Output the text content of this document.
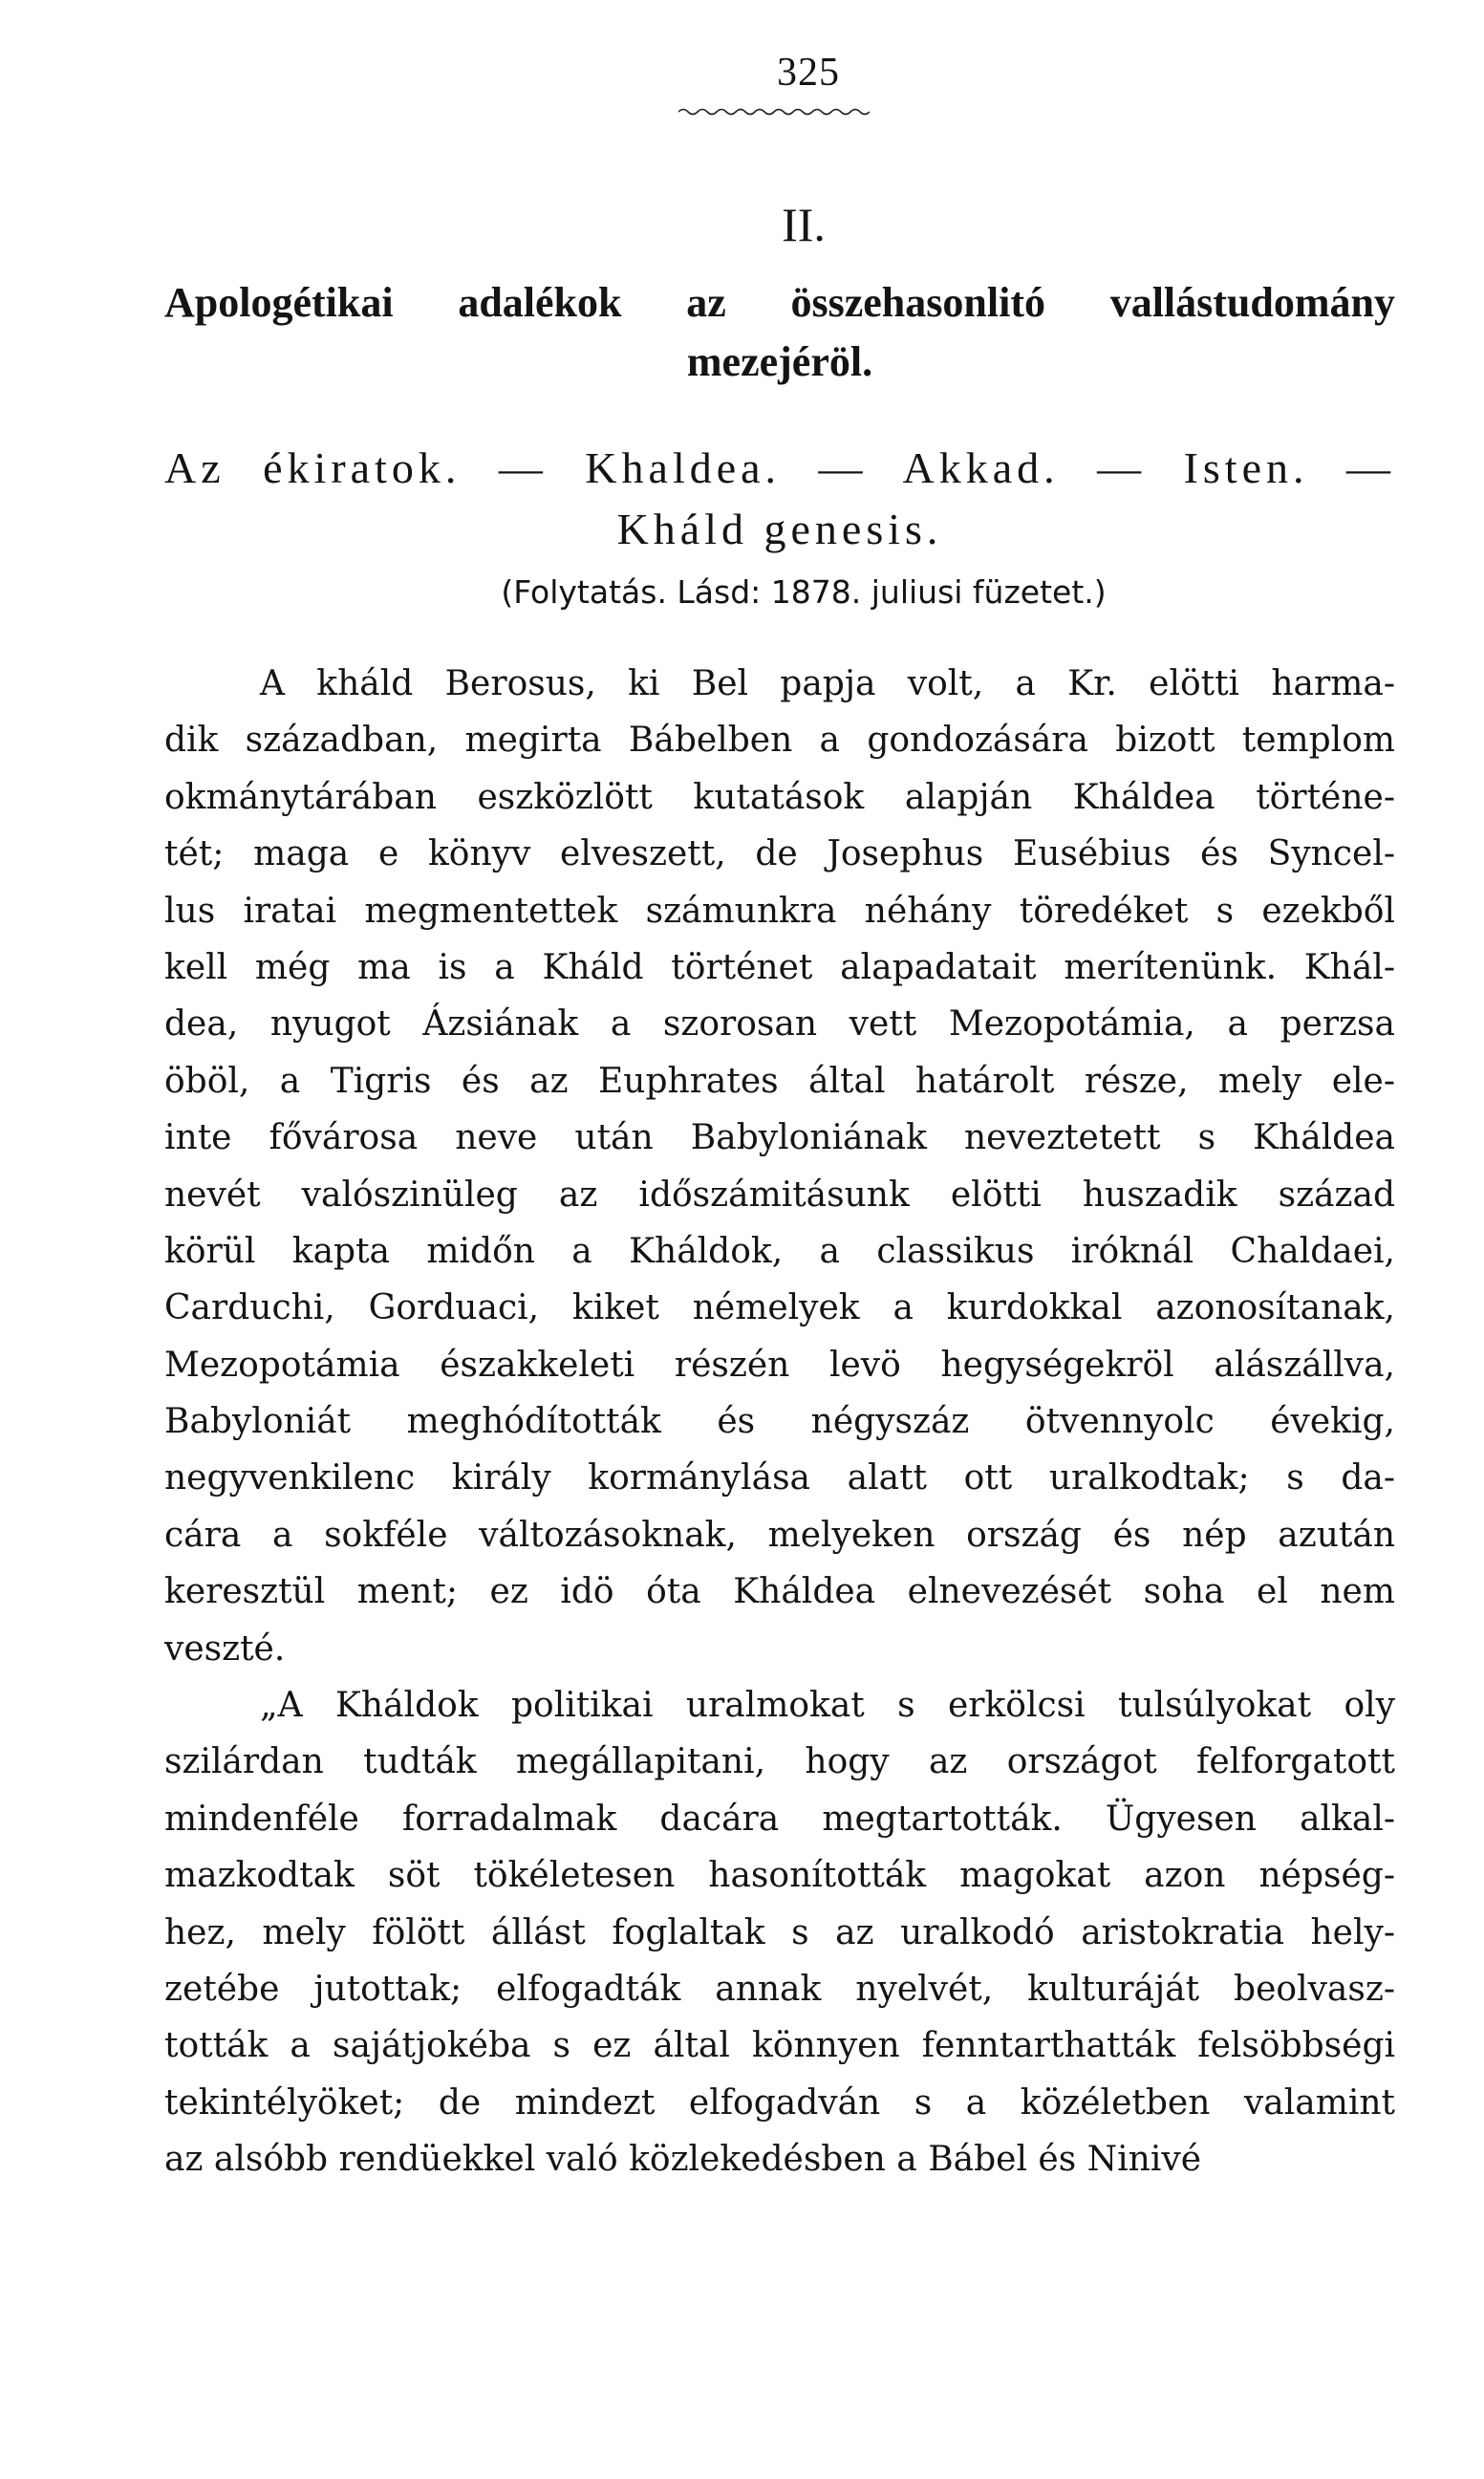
325
II.
Apologétikai adalékok az összehasonlitó vallástudomány
mezejéröl.
Az ékiratok. — Khaldea. — Akkad. — Isten. —
Kháld genesis.
(Folytatás. Lásd: 1878. juliusi füzetet.)
A kháld Berosus, ki Bel papja volt, a Kr. elötti harma-
dik században, megirta Bábelben a gondozására bizott templom
okmánytárában eszközlött kutatások alapján Kháldea történe-
tét; maga e könyv elveszett, de Josephus Eusébius és Syncel-
lus iratai megmentettek számunkra néhány töredéket s ezekből
kell még ma is a Kháld történet alapadatait merítenünk. Khál-
dea, nyugot Ázsiának a szorosan vett Mezopotámia, a perzsa
öböl, a Tigris és az Euphrates által határolt része, mely ele-
inte fővárosa neve után Babyloniának neveztetett s Kháldea
nevét valószinüleg az időszámitásunk elötti huszadik század
körül kapta midőn a Kháldok, a classikus iróknál Chaldaei,
Carduchi, Gorduaci, kiket némelyek a kurdokkal azonosítanak,
Mezopotámia északkeleti részén levö hegységekröl alászállva,
Babyloniát meghódították és négyszáz ötvennyolc évekig,
negyvenkilenc király kormánylása alatt ott uralkodtak; s da-
cára a sokféle változásoknak, melyeken ország és nép azután
keresztül ment; ez idö óta Kháldea elnevezését soha el nem
veszté.
„A Kháldok politikai uralmokat s erkölcsi tulsúlyokat oly
szilárdan tudták megállapitani, hogy az országot felforgatott
mindenféle forradalmak dacára megtartották. Ügyesen alkal-
mazkodtak söt tökéletesen hasonították magokat azon népség-
hez, mely fölött állást foglaltak s az uralkodó aristokratia hely-
zetébe jutottak; elfogadták annak nyelvét, kulturáját beolvasz-
tották a sajátjokéba s ez által könnyen fenntarthatták felsöbbségi
tekintélyöket; de mindezt elfogadván s a közéletben valamint
az alsóbb rendüekkel való közlekedésben a Bábel és Ninivé
